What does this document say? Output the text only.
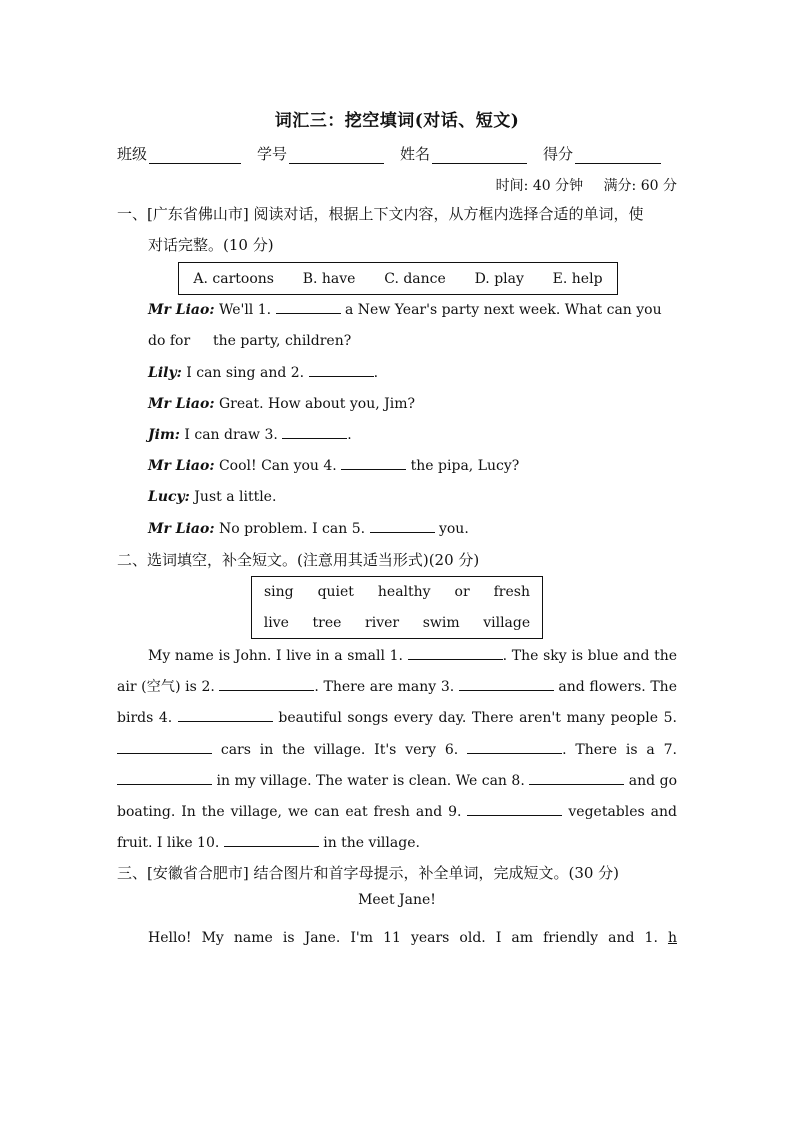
词汇三：挖空填词(对话、短文)
班级	学号	姓名	得分
时间: 40 分钟 满分: 60 分
一、[广东省佛山市] 阅读对话，根据上下文内容，从方框内选择合适的单词，使
对话完整。(10 分)
A. cartoons B. have C. dance D. play E. help
Mr Liao: We'll 1.	a New Year's party next week. What can you do for	the party, children?
Lily: I can sing and 2.	.
Mr Liao: Great. How about you, Jim?
Jim: I can draw 3.	.
Mr Liao: Cool! Can you 4.	the pipa, Lucy?
Lucy: Just a little.
Mr Liao: No problem. I can 5.	you.
二、选词填空，补全短文。(注意用其适当形式)(20 分)
sing quiet healthy or fresh
live tree river swim village
My name is John. I live in a small 1.	. The sky is blue and the air (空气) is 2.	. There are many 3.	and flowers. The birds 4.	beautiful songs every day. There aren't many people 5.  cars in the village. It's very 6.	. There is a 7.  in my village. The water is clean. We can 8.	and go boating. In the village, we can eat fresh and 9.	vegetables and fruit. I like 10.	in the village.
三、[安徽省合肥市] 结合图片和首字母提示，补全单词，完成短文。(30 分)
Meet Jane!
Hello! My name is Jane. I'm 11 years old. I am friendly and 1. h
